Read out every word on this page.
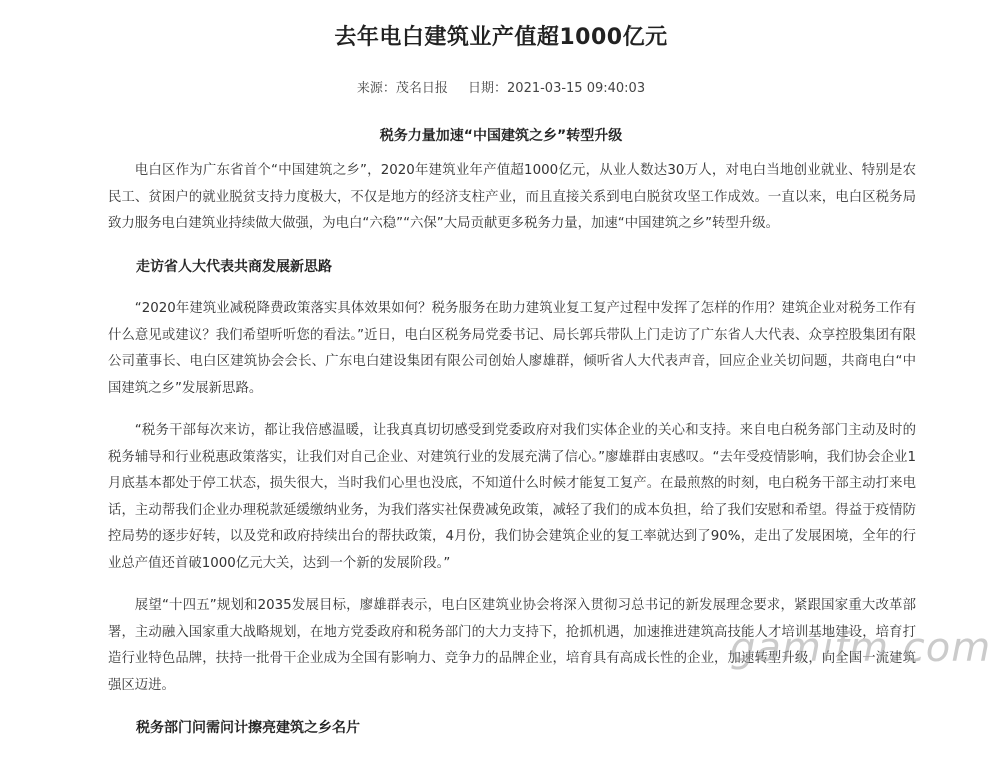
去年电白建筑业产值超1000亿元
来源：茂名日报 日期：2021-03-15 09:40:03
税务力量加速“中国建筑之乡”转型升级

电白区作为广东省首个“中国建筑之乡”，2020年建筑业年产值超1000亿元，从业人数达30万人，对电白当地创业就业、特别是农民工、贫困户的就业脱贫支持力度极大，不仅是地方的经济支柱产业，而且直接关系到电白脱贫攻坚工作成效。一直以来，电白区税务局致力服务电白建筑业持续做大做强，为电白“六稳”“六保”大局贡献更多税务力量，加速“中国建筑之乡”转型升级。

走访省人大代表共商发展新思路

“2020年建筑业减税降费政策落实具体效果如何？税务服务在助力建筑业复工复产过程中发挥了怎样的作用？建筑企业对税务工作有什么意见或建议？我们希望听听您的看法。”近日，电白区税务局党委书记、局长郭兵带队上门走访了广东省人大代表、众享控股集团有限公司董事长、电白区建筑协会会长、广东电白建设集团有限公司创始人廖雄群，倾听省人大代表声音，回应企业关切问题，共商电白“中国建筑之乡”发展新思路。

“税务干部每次来访，都让我倍感温暖，让我真真切切感受到党委政府对我们实体企业的关心和支持。来自电白税务部门主动及时的税务辅导和行业税惠政策落实，让我们对自己企业、对建筑行业的发展充满了信心。”廖雄群由衷感叹。“去年受疫情影响，我们协会企业1月底基本都处于停工状态，损失很大，当时我们心里也没底，不知道什么时候才能复工复产。在最煎熬的时刻，电白税务干部主动打来电话，主动帮我们企业办理税款延缓缴纳业务，为我们落实社保费减免政策，减轻了我们的成本负担，给了我们安慰和希望。得益于疫情防控局势的逐步好转，以及党和政府持续出台的帮扶政策，4月份，我们协会建筑企业的复工率就达到了90%，走出了发展困境，全年的行业总产值还首破1000亿元大关，达到一个新的发展阶段。”

展望“十四五”规划和2035发展目标，廖雄群表示，电白区建筑业协会将深入贯彻习总书记的新发展理念要求，紧跟国家重大改革部署，主动融入国家重大战略规划，在地方党委政府和税务部门的大力支持下，抢抓机遇，加速推进建筑高技能人才培训基地建设，培育打造行业特色品牌，扶持一批骨干企业成为全国有影响力、竞争力的品牌企业，培育具有高成长性的企业，加速转型升级，向全国一流建筑强区迈进。

税务部门问需问计擦亮建筑之乡名片
gamifm.com
